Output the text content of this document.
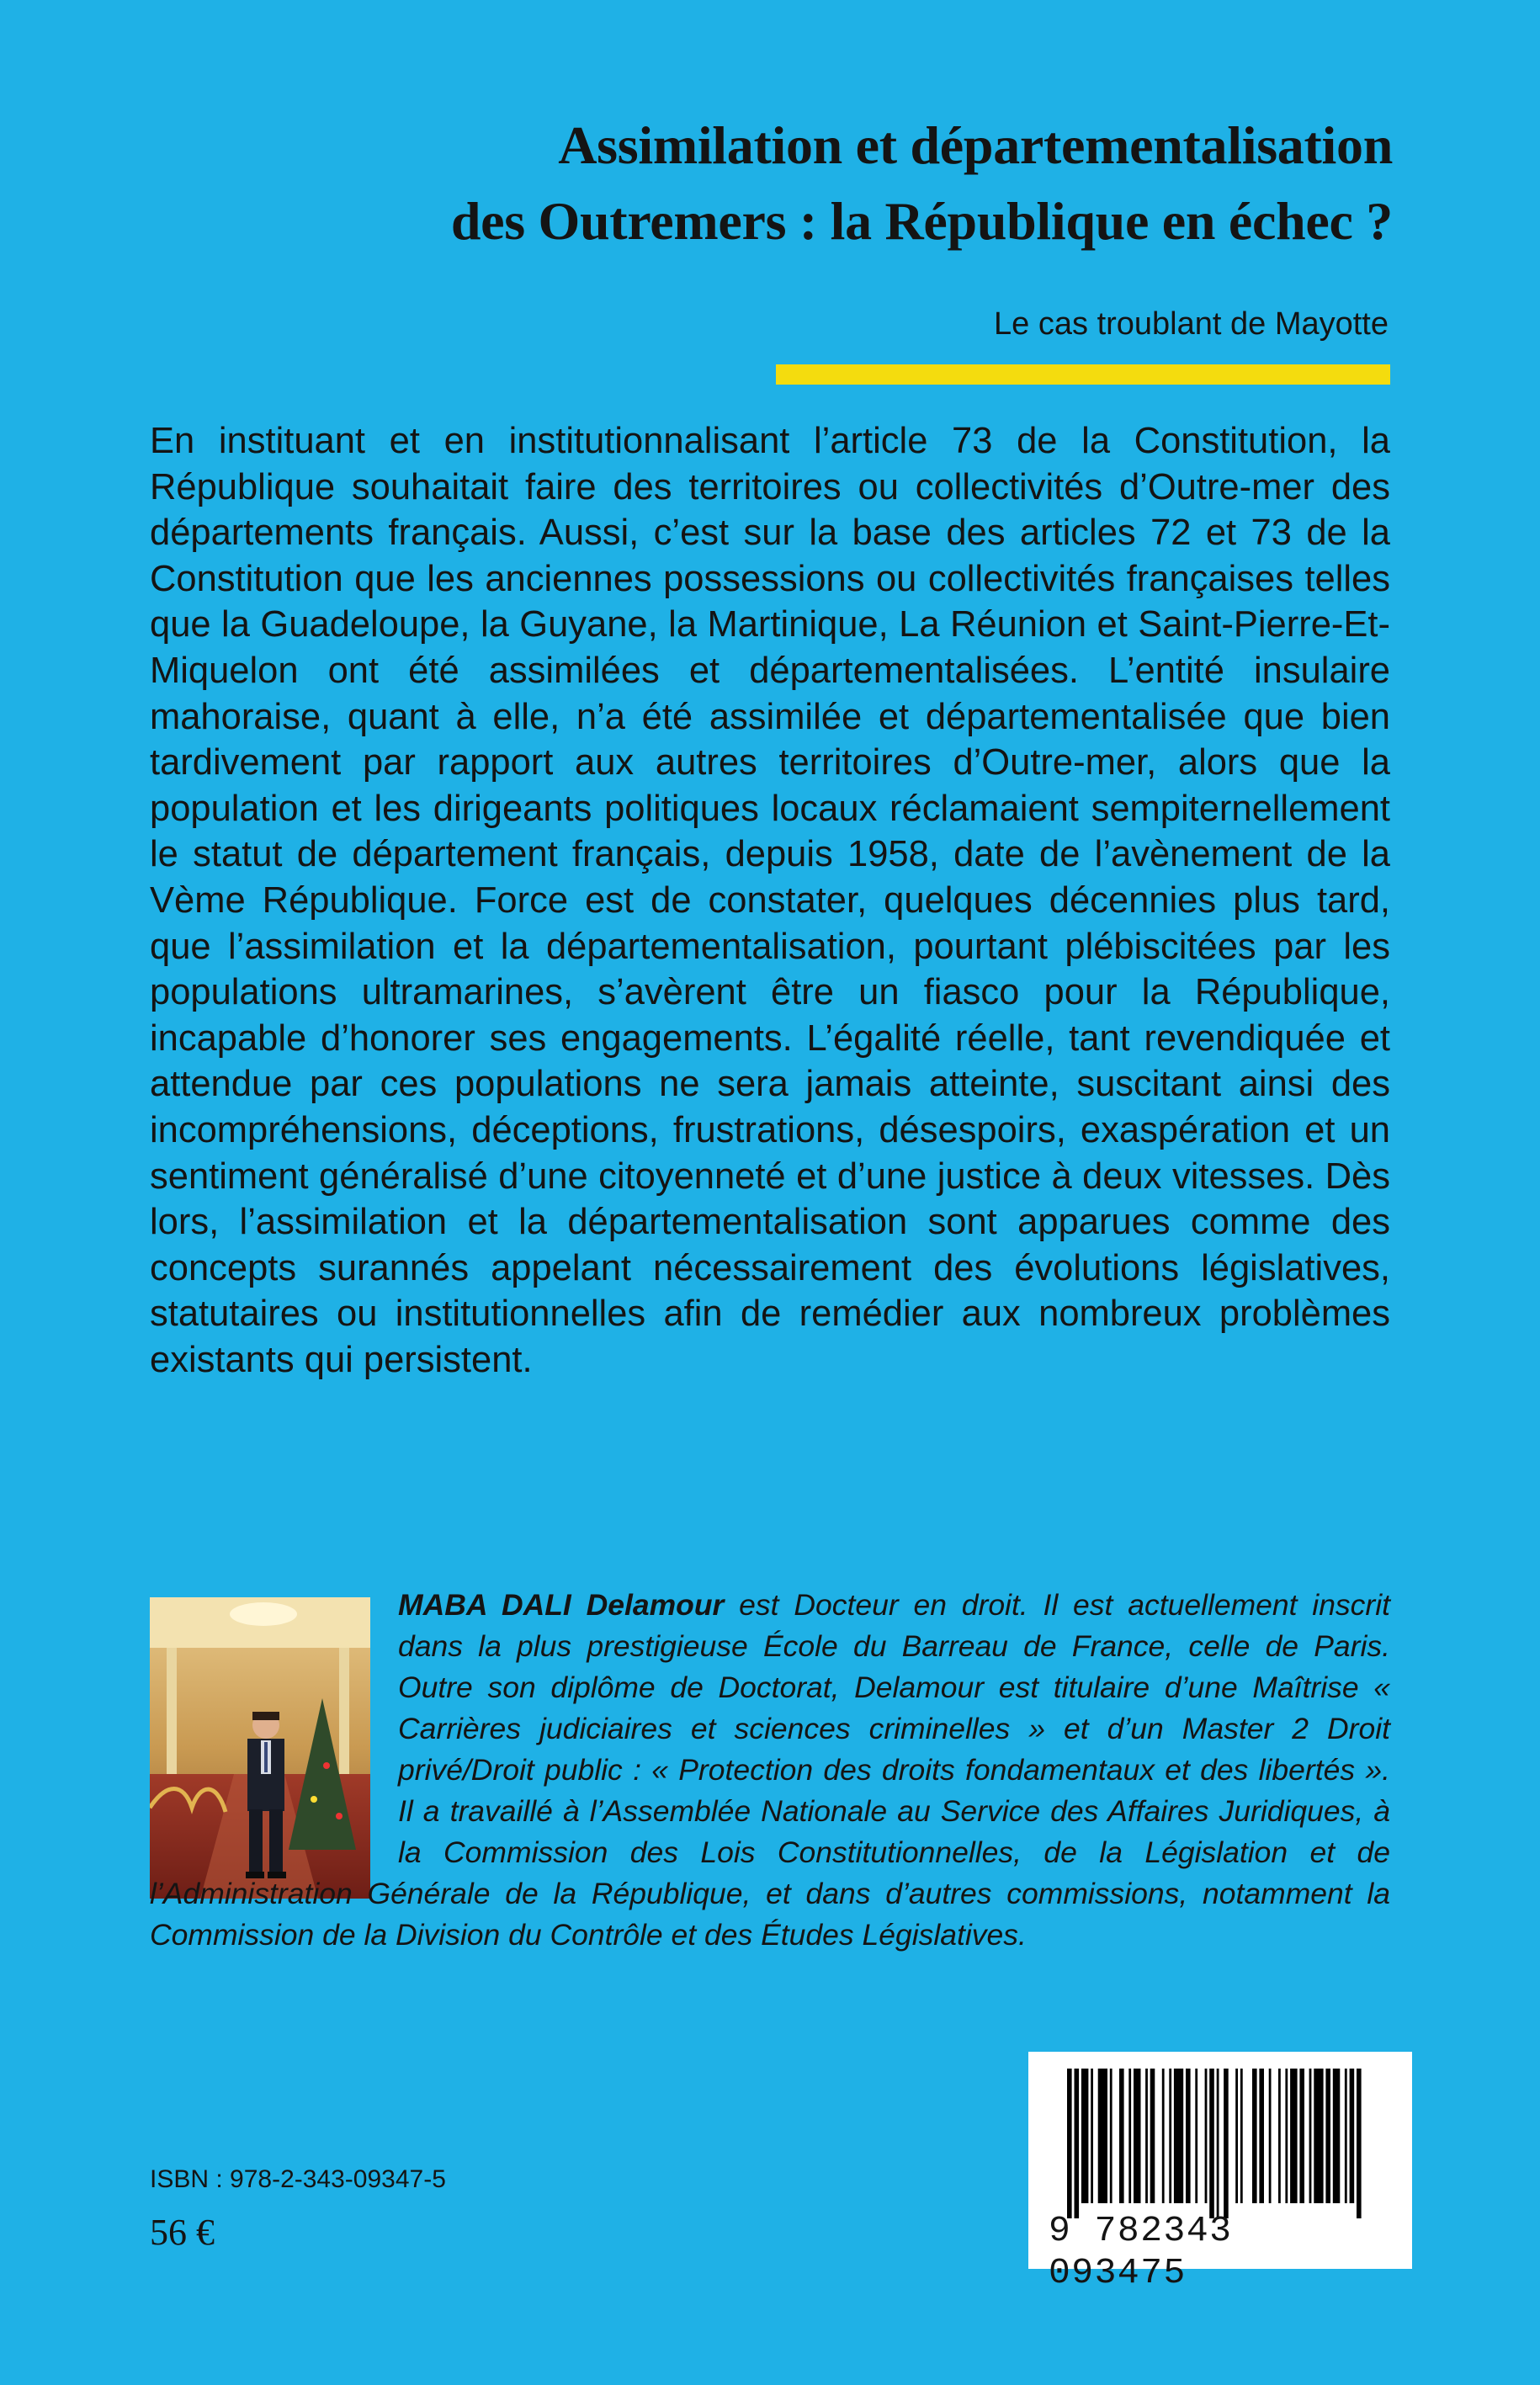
Assimilation et départementalisation
des Outremers : la République en échec ?

Le cas troublant de Mayotte

En instituant et en institutionnalisant l’article 73 de la Constitution, la République souhaitait faire des territoires ou collectivités d’Outre-mer des départements français. Aussi, c’est sur la base des articles 72 et 73 de la Constitution que les anciennes possessions ou collectivités françaises telles que la Guadeloupe, la Guyane, la Martinique, La Réunion et Saint-Pierre-Et-Miquelon ont été assimilées et départementalisées. L’entité insulaire mahoraise, quant à elle, n’a été assimilée et départementalisée que bien tardivement par rapport aux autres territoires d’Outre-mer, alors que la population et les dirigeants politiques locaux réclamaient sempiternellement le statut de département français, depuis 1958, date de l’avènement de la Vème République. Force est de constater, quelques décennies plus tard, que l’assimilation et la départementalisation, pourtant plébiscitées par les populations ultramarines, s’avèrent être un fiasco pour la République, incapable d’honorer ses engagements. L’égalité réelle, tant revendiquée et attendue par ces populations ne sera jamais atteinte, suscitant ainsi des incompréhensions, déceptions, frustrations, désespoirs, exaspération et un sentiment généralisé d’une citoyenneté et d’une justice à deux vitesses. Dès lors, l’assimilation et la départementalisation sont apparues comme des concepts surannés appelant nécessairement des évolutions législatives, statutaires ou institutionnelles afin de remédier aux nombreux problèmes existants qui persistent.

MABA DALI Delamour est Docteur en droit. Il est actuellement inscrit dans la plus prestigieuse École du Barreau de France, celle de Paris. Outre son diplôme de Doctorat, Delamour est titulaire d’une Maîtrise « Carrières judiciaires et sciences criminelles » et d’un Master 2 Droit privé/Droit public : « Protection des droits fondamentaux et des libertés ». Il a travaillé à l’Assemblée Nationale au Service des Affaires Juridiques, à la Commission des Lois Constitutionnelles, de la Législation et de l’Administration Générale de la République, et dans d’autres commissions, notamment la Commission de la Division du Contrôle et des Études Législatives.

ISBN : 978-2-343-09347-5

56 €	9 782343 093475
